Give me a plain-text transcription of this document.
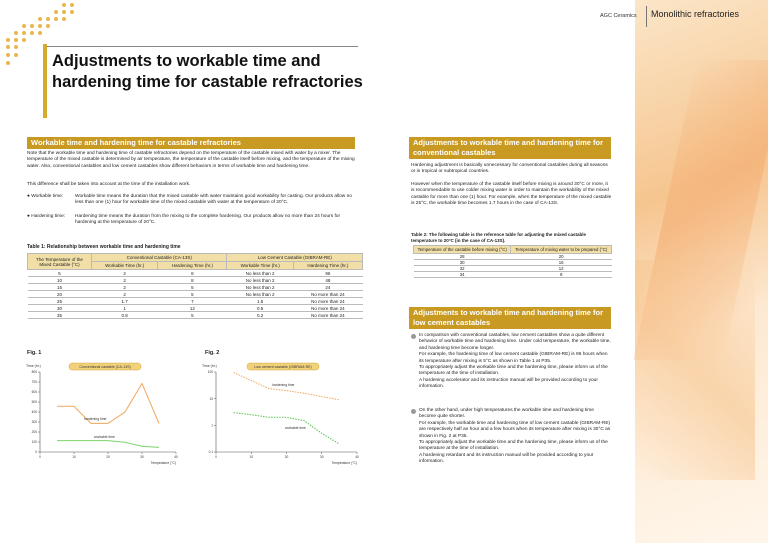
AGC Ceramics Monolithic refractories
Adjustments to workable time and
hardening time for castable refractories
Workable time and hardening time for castable refractories
Note that the workable time and hardening time of castable refractories depend on the temperature of the castable mixed with water by a mixer. The temperature of the mixed castable is determined by air temperature, the temperature of the castable itself before mixing, and the temperature of the mixing water. Also, conventional castables and low cement castables show different behaviors in terms of workable time and hardening time.
This difference shall be taken into account at the time of the installation work.
● Workable time:	Workable time means the duration that the mixed castable with water maintains good workability for casting. Our products allow no less than one (1) hour for workable time of the mixed castable with water at the temperature of 20°C.
● Hardening time:	Hardening time means the duration from the mixing to the complete hardening. Our products allow no more than 24 hours for hardening at the temperature of 20°C.
Table 1: Relationship between workable time and hardening time
The Temperature of the Mixed Castable (°C)	Conventional Castable (CA-13S)		Low Cement Castable (GIBRAM-RE)	
	Workable Time (hr.)	Hardening Time (hr.)	Workable Time (hr.)	Hardening Time (hr.)
5	2	8	No less than 2	96
10	2	8	No less than 2	48
15	2	5	No less than 2	24
20	2	5	No less than 2	No more than 24
25	1.7	7	1.5	No more than 24
30	1	12	0.5	No more than 24
35	0.8	5	0.2	No more than 24
Fig. 1
Time (hr.)
0
100
200
300
400
500
600
700
800
0	10	20	30	40
Temperature (°C)
Conventional castable (CA-13S)
hardening time
workable time
Fig. 2
Time (hr.)
0.1
1
10
100
0	10	20	30	40
Temperature (°C)
Low cement castable (GIBRAM-RE)
hardening time
workable time
Adjustments to workable time and hardening time for conventional castables
Hardening adjustment is basically unnecessary for conventional castables during all seasons or in tropical or subtropical countries.
However when the temperature of the castable itself before mixing is around 30°C or more, it is recommendable to use colder mixing water in order to maintain the workability of the mixed castable for more than one (1) hour. For example, when the temperature of the mixed castable is 25°C, the workable time becomes 1.7 hours in the case of CA-13S.
Table 2: The following table is the reference table for adjusting the mixed castable temperature to 20°C (in the case of CA-13S).
Temperature of the castable before mixing (°C)	Temperature of mixing water to be prepared (°C)
28	20
30	16
32	12
34	9
Adjustments to workable time and hardening time for low cement castables
In comparison with conventional castables, low cement castables show a quite different behavior of workable time and hardening time. Under cold temperature, the workable time, and hardening time become longer.
For example, the hardening time of low cement castable (GIBRAM-RE) is 96 hours when its temperature after mixing is 5°C as shown in Table 1 at P35.
To appropriately adjust the workable time and the hardening time, please inform us of the temperature at the time of installation.
A hardening accelerator and its instruction manual will be provided according to your information.
On the other hand, under high temperatures the workable time and hardening time become quite shorter.
For example, the workable time and hardening time of low cement castable (GIBRAM-RE) are respectively half an hour and a few hours when its temperature after mixing is 30°C as shown in Fig. 2 at P35.
To appropriately adjust the workable time and the hardening time, please inform us of the temperature at the time of installation.
A hardening retardant and its instruction manual will be provided according to your information.
